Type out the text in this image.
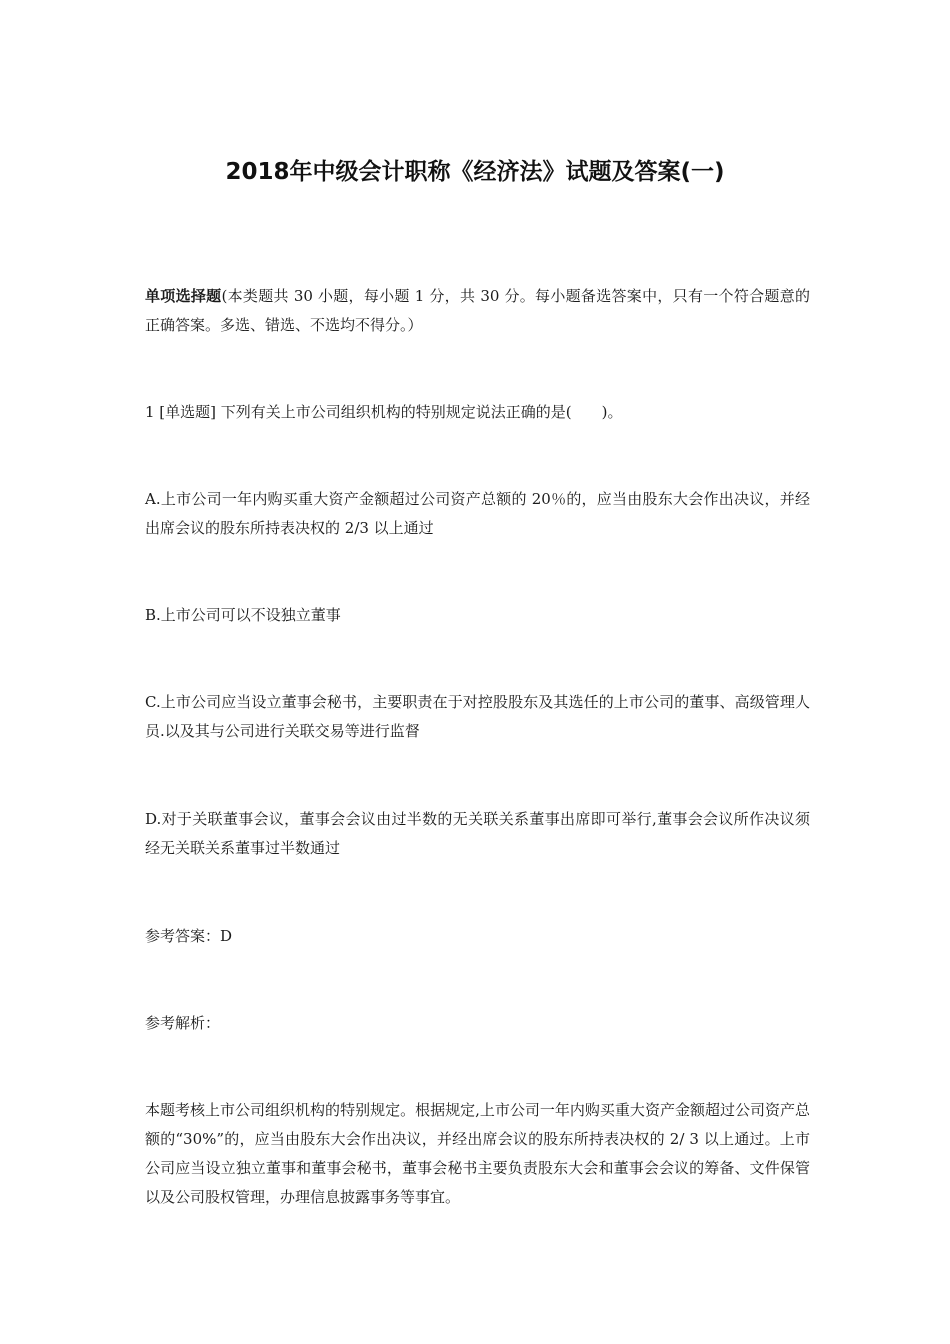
2018年中级会计职称《经济法》试题及答案(一)
单项选择题(本类题共 30 小题，每小题 1 分，共 30 分。每小题备选答案中，只有一个符合题意的正确答案。多选、错选、不选均不得分。）
1 [单选题] 下列有关上市公司组织机构的特别规定说法正确的是(　　)。
A.上市公司一年内购买重大资产金额超过公司资产总额的 20％的，应当由股东大会作出决议，并经出席会议的股东所持表决权的 2/3 以上通过
B.上市公司可以不设独立董事
C.上市公司应当设立董事会秘书，主要职责在于对控股股东及其选任的上市公司的董事、高级管理人员.以及其与公司进行关联交易等进行监督
D.对于关联董事会议，董事会会议由过半数的无关联关系董事出席即可举行,董事会会议所作决议须经无关联关系董事过半数通过
参考答案：D
参考解析：
本题考核上市公司组织机构的特别规定。根据规定,上市公司一年内购买重大资产金额超过公司资产总额的“30%”的，应当由股东大会作出决议，并经出席会议的股东所持表决权的 2/ 3 以上通过。上市公司应当设立独立董事和董事会秘书，董事会秘书主要负责股东大会和董事会会议的筹备、文件保管以及公司股权管理，办理信息披露事务等事宜。
